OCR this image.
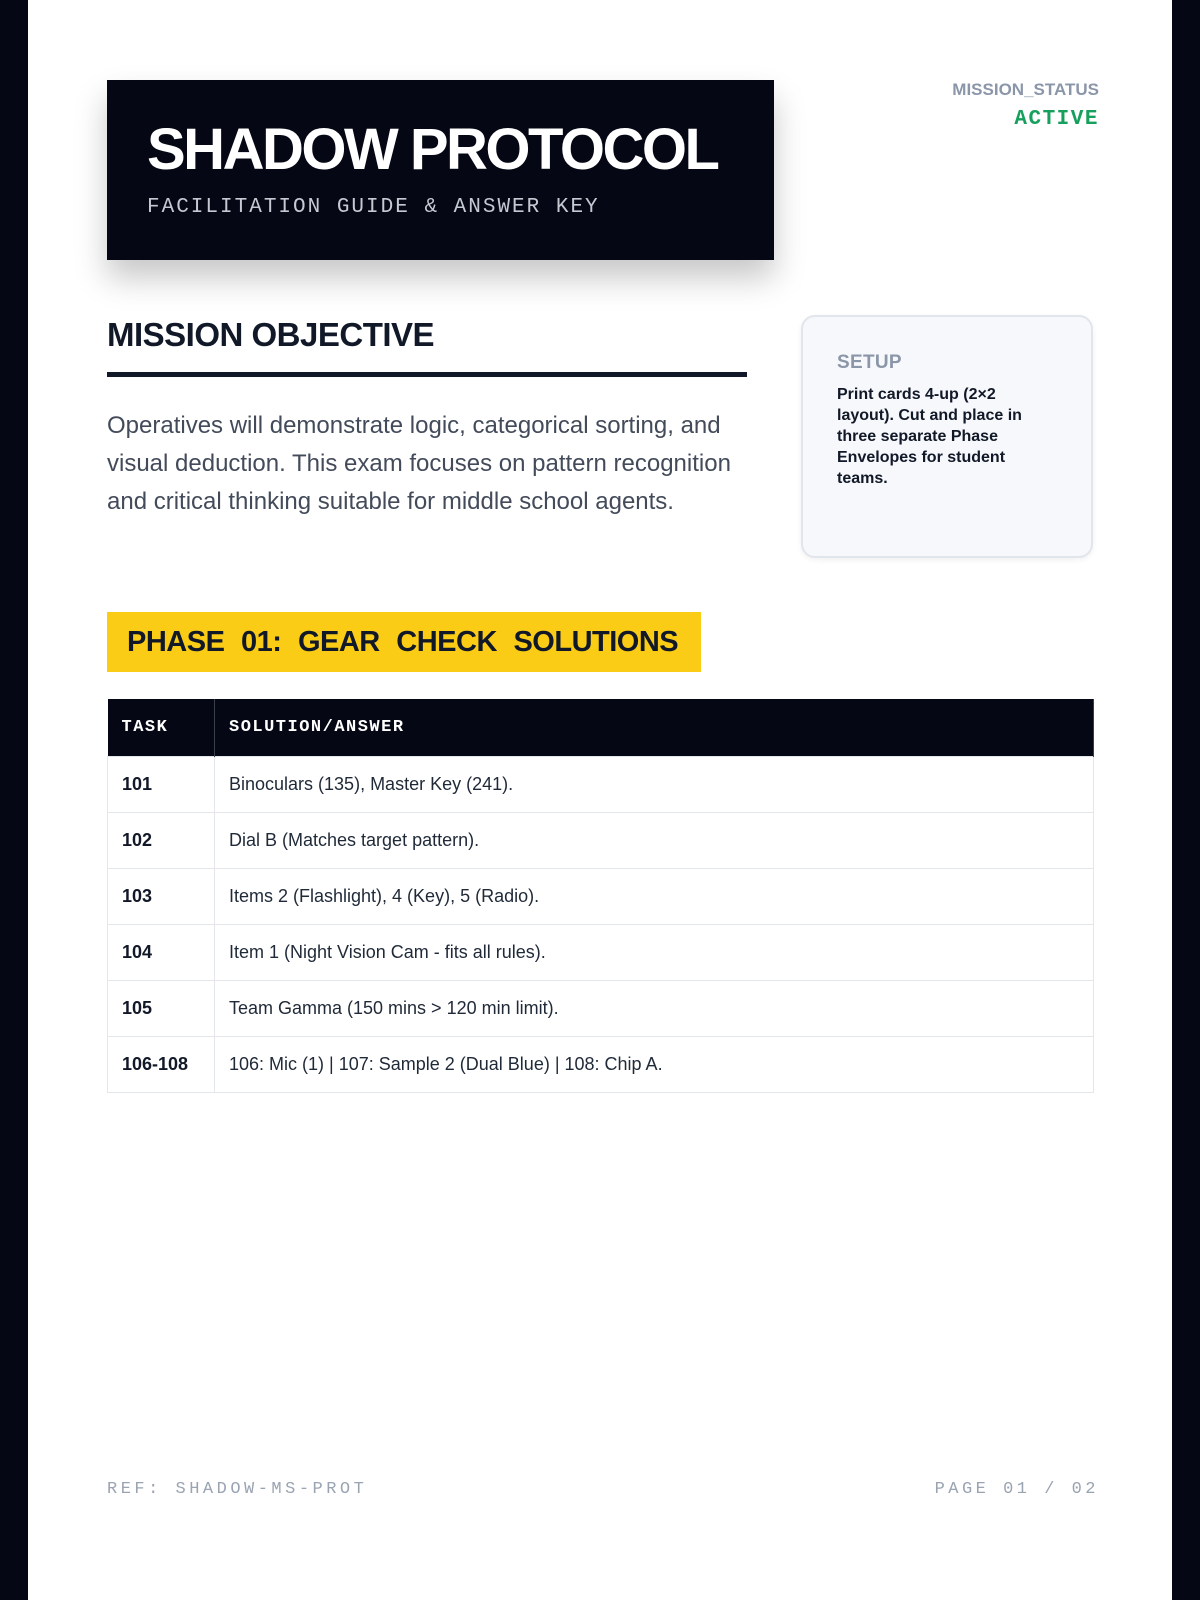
SHADOW PROTOCOL
FACILITATION GUIDE & ANSWER KEY
MISSION_STATUS
ACTIVE
MISSION OBJECTIVE

Operatives will demonstrate logic, categorical sorting, and visual deduction. This exam focuses on pattern recognition and critical thinking suitable for middle school agents.

SETUP
Print cards 4-up (2×2 layout). Cut and place in three separate Phase Envelopes for student teams.
PHASE 01: GEAR CHECK SOLUTIONS
TASK	SOLUTION/ANSWER
101	Binoculars (135), Master Key (241).
102	Dial B (Matches target pattern).
103	Items 2 (Flashlight), 4 (Key), 5 (Radio).
104	Item 1 (Night Vision Cam - fits all rules).
105	Team Gamma (150 mins > 120 min limit).
106-108	106: Mic (1) | 107: Sample 2 (Dual Blue) | 108: Chip A.
REF: SHADOW-MS-PROT	PAGE 01 / 02
